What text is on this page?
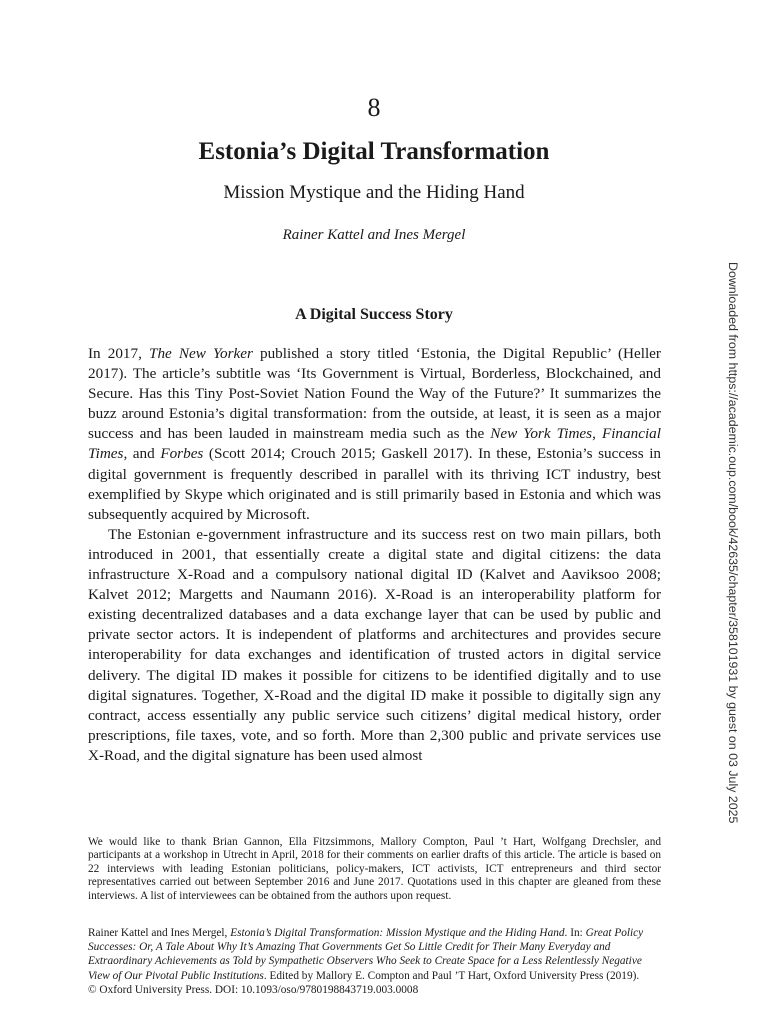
8
Estonia’s Digital Transformation
Mission Mystique and the Hiding Hand
Rainer Kattel and Ines Mergel
A Digital Success Story

In 2017, The New Yorker published a story titled ‘Estonia, the Digital Republic’ (Heller 2017). The article’s subtitle was ‘Its Government is Virtual, Borderless, Blockchained, and Secure. Has this Tiny Post-Soviet Nation Found the Way of the Future?’ It summarizes the buzz around Estonia’s digital transformation: from the outside, at least, it is seen as a major success and has been lauded in mainstream media such as the New York Times, Financial Times, and Forbes (Scott 2014; Crouch 2015; Gaskell 2017). In these, Estonia’s success in digital government is frequently described in parallel with its thriving ICT industry, best exemplified by Skype which originated and is still primarily based in Estonia and which was subsequently acquired by Microsoft.

The Estonian e-government infrastructure and its success rest on two main pillars, both introduced in 2001, that essentially create a digital state and digital citizens: the data infrastructure X-Road and a compulsory national digital ID (Kalvet and Aaviksoo 2008; Kalvet 2012; Margetts and Naumann 2016). X-Road is an interoperability platform for existing decentralized databases and a data exchange layer that can be used by public and private sector actors. It is independent of platforms and architectures and provides secure interoperability for data exchanges and identification of trusted actors in digital service delivery. The digital ID makes it possible for citizens to be identified digitally and to use digital signatures. Together, X-Road and the digital ID make it possible to digitally sign any contract, access essentially any public service such citizens’ digital medical history, order prescriptions, file taxes, vote, and so forth. More than 2,300 public and private services use X-Road, and the digital signature has been used almost

We would like to thank Brian Gannon, Ella Fitzsimmons, Mallory Compton, Paul ’t Hart, Wolfgang Drechsler, and participants at a workshop in Utrecht in April, 2018 for their comments on earlier drafts of this article. The article is based on 22 interviews with leading Estonian politicians, policy-makers, ICT activists, ICT entrepreneurs and third sector representatives carried out between September 2016 and June 2017. Quotations used in this chapter are gleaned from these interviews. A list of interviewees can be obtained from the authors upon request.
Rainer Kattel and Ines Mergel, Estonia’s Digital Transformation: Mission Mystique and the Hiding Hand. In: Great Policy Successes: Or, A Tale About Why It’s Amazing That Governments Get So Little Credit for Their Many Everyday and Extraordinary Achievements as Told by Sympathetic Observers Who Seek to Create Space for a Less Relentlessly Negative View of Our Pivotal Public Institutions. Edited by Mallory E. Compton and Paul ’T Hart, Oxford University Press (2019).
© Oxford University Press. DOI: 10.1093/oso/9780198843719.003.0008
Downloaded from https://academic.oup.com/book/42635/chapter/358101931 by guest on 03 July 2025
